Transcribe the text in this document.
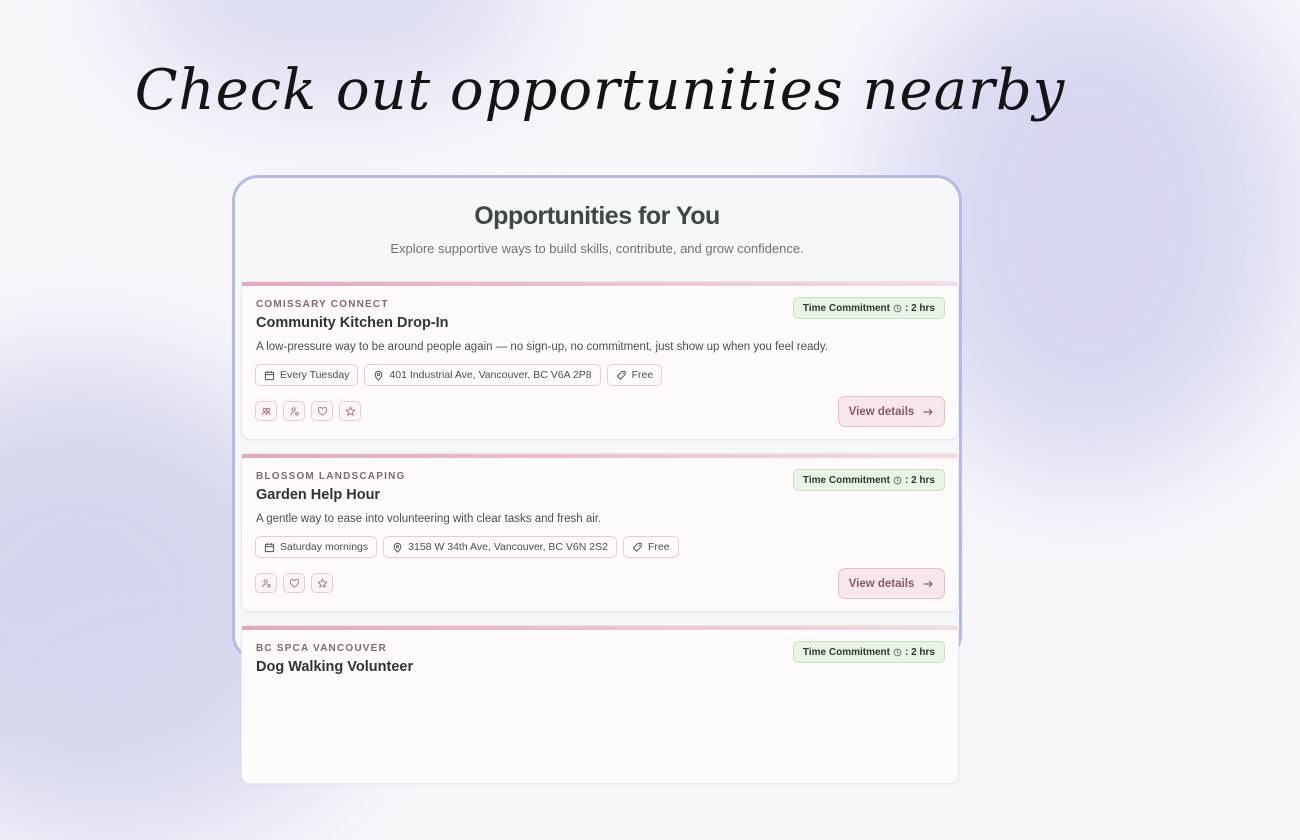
Check out opportunities nearby
Opportunities for You
Explore supportive ways to build skills, contribute, and grow confidence.
COMISSARY CONNECT
Community Kitchen Drop-In
Time Commitment : 2 hrs
A low-pressure way to be around people again — no sign-up, no commitment, just show up when you feel ready.
Every Tuesday	401 Industrial Ave, Vancouver, BC V6A 2P8	Free
View details
BLOSSOM LANDSCAPING
Garden Help Hour
Time Commitment : 2 hrs
A gentle way to ease into volunteering with clear tasks and fresh air.
Saturday mornings	3158 W 34th Ave, Vancouver, BC V6N 2S2	Free
View details
BC SPCA VANCOUVER
Dog Walking Volunteer
Time Commitment : 2 hrs
